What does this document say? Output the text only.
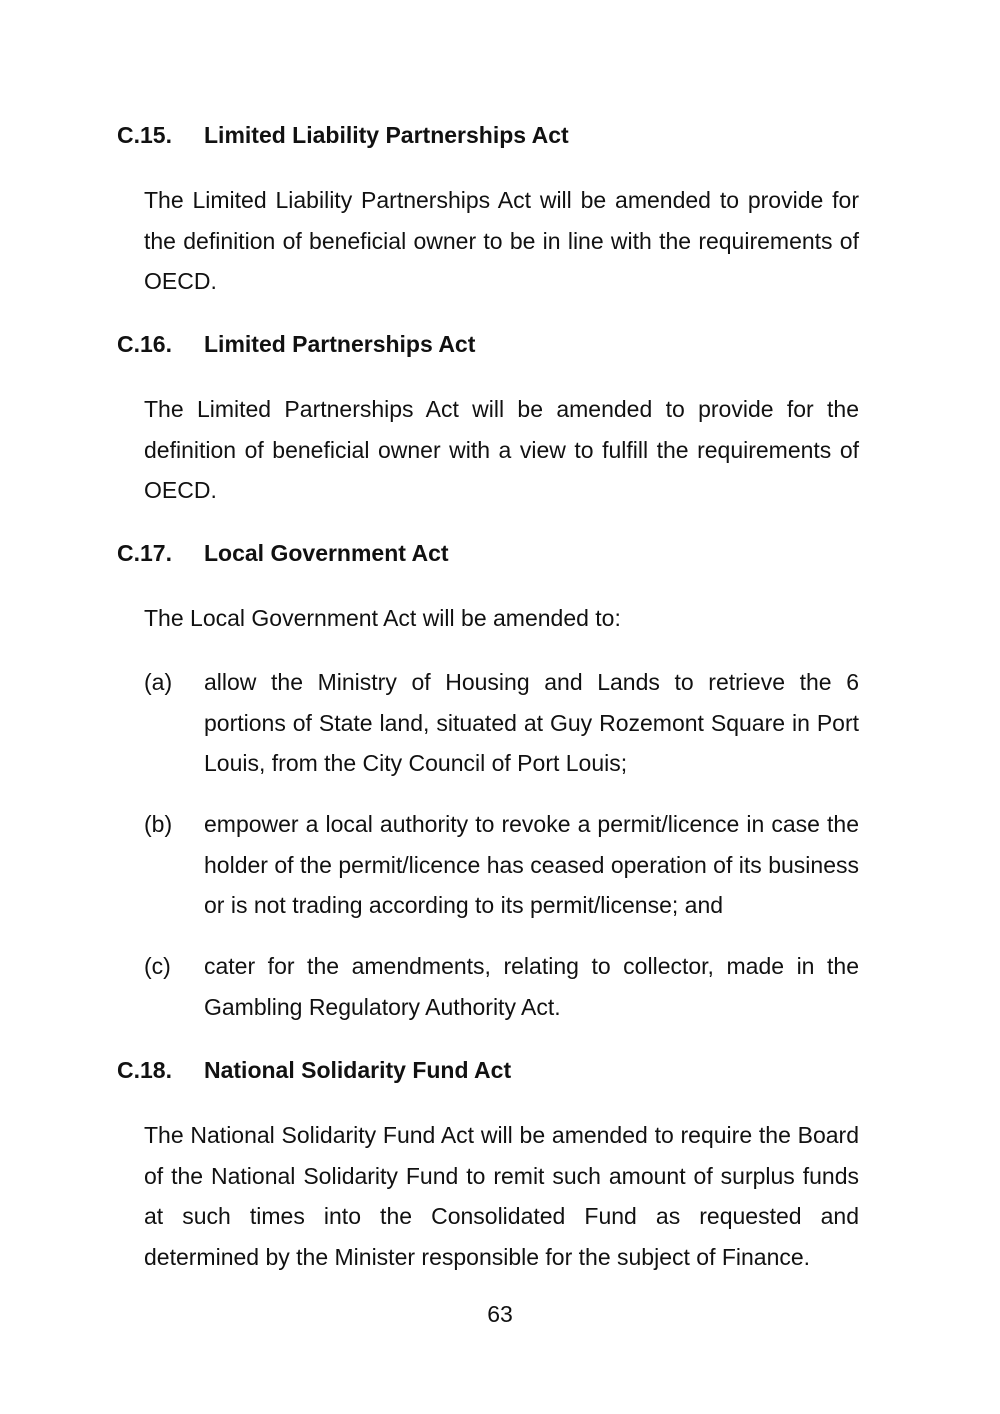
C.15.	Limited Liability Partnerships Act

The Limited Liability Partnerships Act will be amended to provide for the definition of beneficial owner to be in line with the requirements of OECD.

C.16.	Limited Partnerships Act

The Limited Partnerships Act will be amended to provide for the definition of beneficial owner with a view to fulfill the requirements of OECD.

C.17.	Local Government Act

The Local Government Act will be amended to:

(a)	allow the Ministry of Housing and Lands to retrieve the 6 portions of State land, situated at Guy Rozemont Square in Port Louis, from the City Council of Port Louis;
(b)	empower a local authority to revoke a permit/licence in case the holder of the permit/licence has ceased operation of its business or is not trading according to its permit/license; and
(c)	cater for the amendments, relating to collector, made in the Gambling Regulatory Authority Act.
C.18.	National Solidarity Fund Act

The National Solidarity Fund Act will be amended to require the Board of the National Solidarity Fund to remit such amount of surplus funds at such times into the Consolidated Fund as requested and determined by the Minister responsible for the subject of Finance.

63
